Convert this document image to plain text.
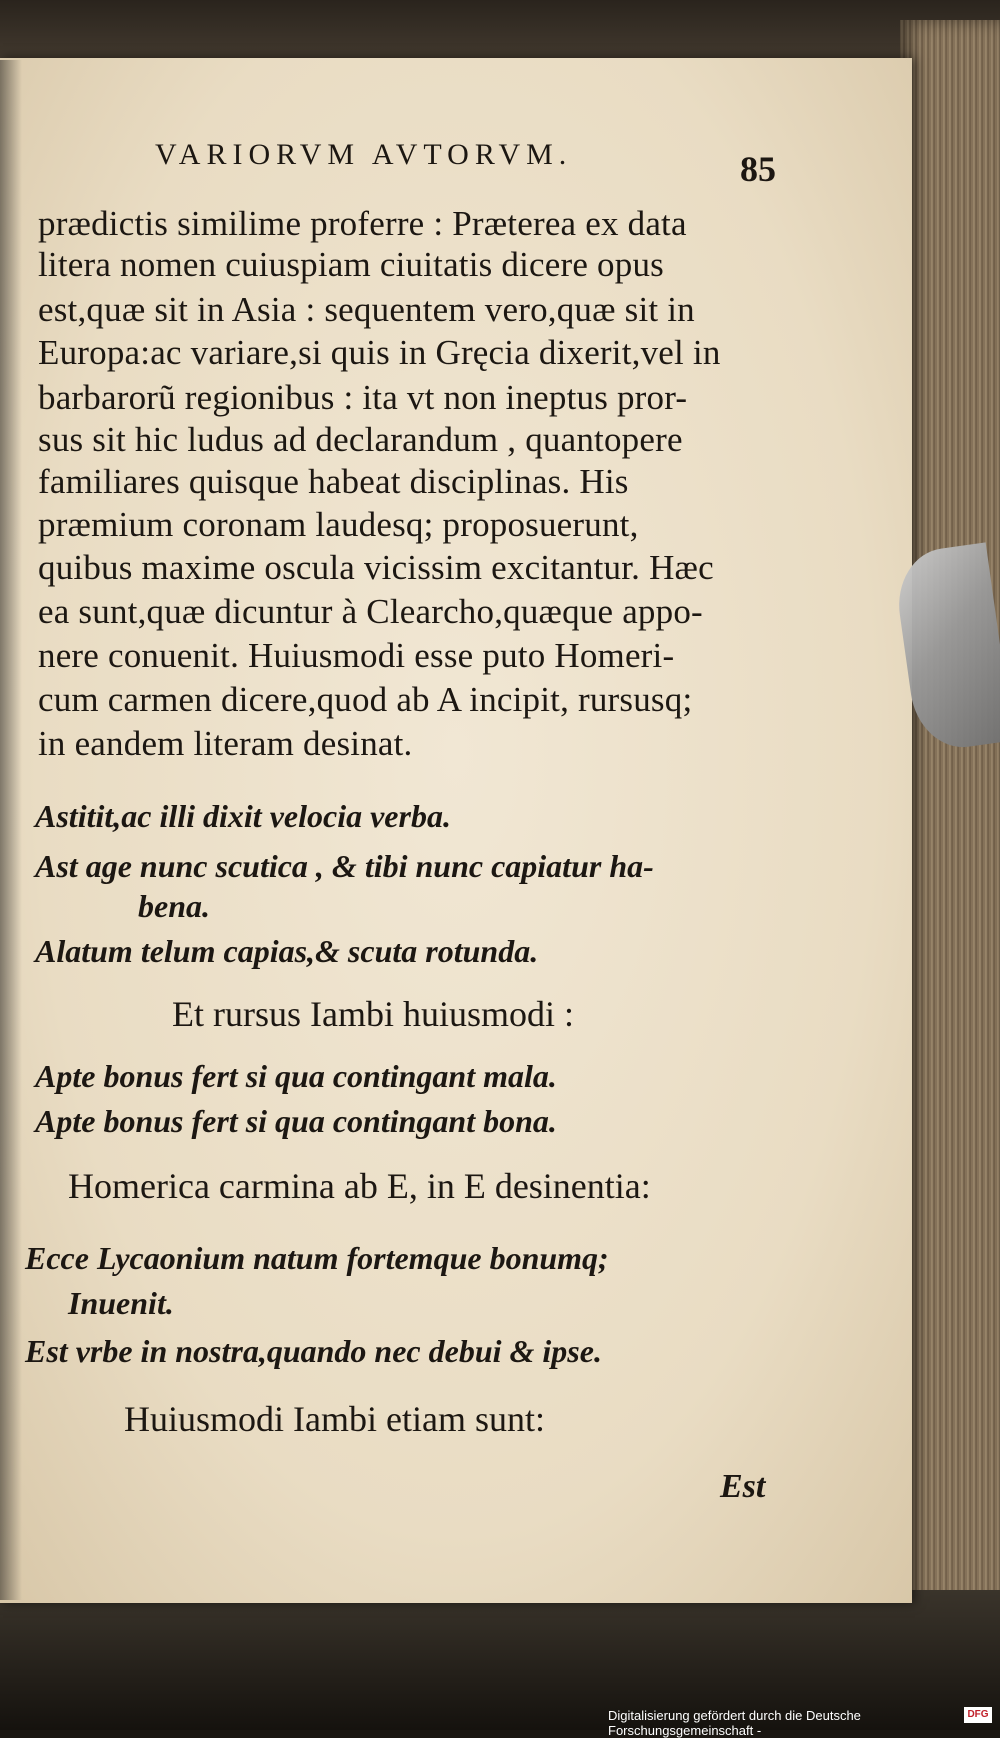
VARIORVM AVTORVM.	85
prædictis similime proferre : Præterea ex data
litera nomen cuiuspiam ciuitatis dicere opus
est,quæ sit in Asia : sequentem vero,quæ sit in
Europa:ac variare,si quis in Gręcia dixerit,vel in
barbarorũ regionibus : ita vt non ineptus pror-
sus sit hic ludus ad declarandum , quantopere
familiares quisque habeat disciplinas. His
præmium coronam laudesq; proposuerunt,
quibus maxime oscula vicissim excitantur. Hæc
ea sunt,quæ dicuntur à Clearcho,quæque appo-
nere conuenit. Huiusmodi esse puto Homeri-
cum carmen dicere,quod ab A incipit, rursusq;
in eandem literam desinat.
Astitit,ac illi dixit velocia verba.
Ast age nunc scutica , & tibi nunc capiatur ha-
bena.
Alatum telum capias,& scuta rotunda.
Et rursus Iambi huiusmodi :
Apte bonus fert si qua contingant mala.
Apte bonus fert si qua contingant bona.
Homerica carmina ab E, in E desinentia:
Ecce Lycaonium natum fortemque bonumq;
Inuenit.
Est vrbe in nostra,quando nec debui & ipse.
Huiusmodi Iambi etiam sunt:
Est
Digitalisierung gefördert durch die Deutsche Forschungsgemeinschaft -
DFG
